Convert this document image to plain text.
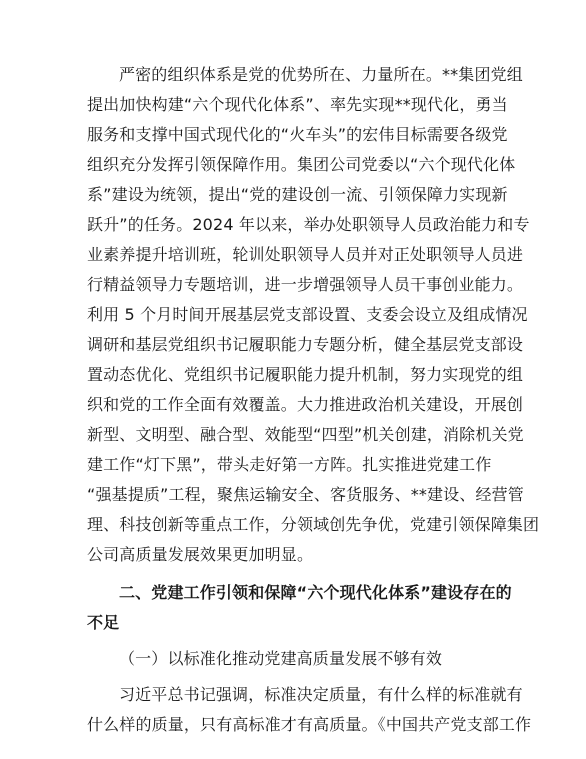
严密的组织体系是党的优势所在、力量所在。**集团党组
提出加快构建“六个现代化体系”、率先实现**现代化，勇当
服务和支撑中国式现代化的“火车头”的宏伟目标需要各级党
组织充分发挥引领保障作用。集团公司党委以“六个现代化体
系”建设为统领，提出“党的建设创一流、引领保障力实现新
跃升”的任务。2024 年以来，举办处职领导人员政治能力和专
业素养提升培训班，轮训处职领导人员并对正处职领导人员进
行精益领导力专题培训，进一步增强领导人员干事创业能力。
利用 5 个月时间开展基层党支部设置、支委会设立及组成情况
调研和基层党组织书记履职能力专题分析，健全基层党支部设
置动态优化、党组织书记履职能力提升机制，努力实现党的组
织和党的工作全面有效覆盖。大力推进政治机关建设，开展创
新型、文明型、融合型、效能型“四型”机关创建，消除机关党
建工作“灯下黑”，带头走好第一方阵。扎实推进党建工作
“强基提质”工程，聚焦运输安全、客货服务、**建设、经营管
理、科技创新等重点工作，分领域创先争优，党建引领保障集团
公司高质量发展效果更加明显。
二、党建工作引领和保障“六个现代化体系”建设存在的
不足
（一）以标准化推动党建高质量发展不够有效
习近平总书记强调，标准决定质量，有什么样的标准就有
什么样的质量，只有高标准才有高质量。《中国共产党支部工作
